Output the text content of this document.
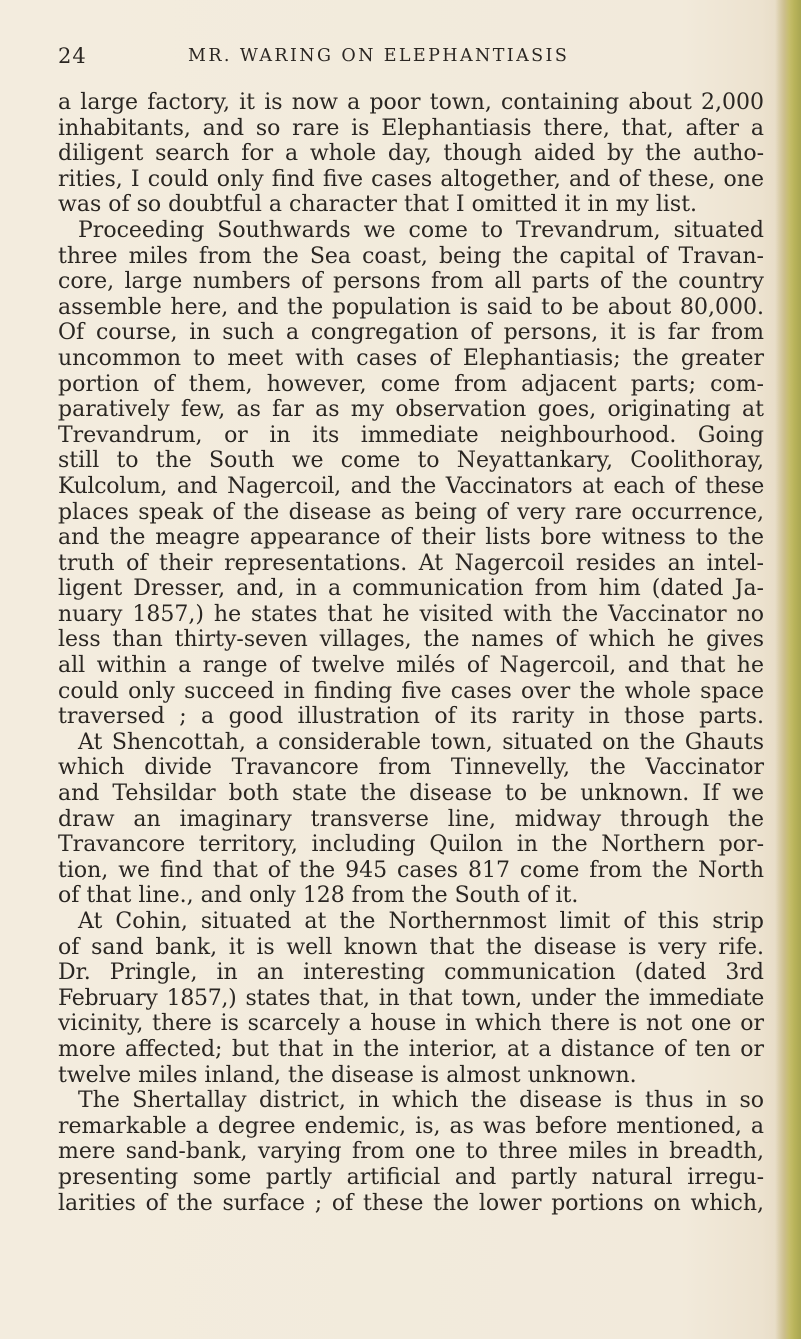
24	MR. WARING ON ELEPHANTIASIS
a large factory, it is now a poor town, containing about 2,000
inhabitants, and so rare is Elephantiasis there, that, after a
diligent search for a whole day, though aided by the autho-
rities, I could only find five cases altogether, and of these, one
was of so doubtful a character that I omitted it in my list.
Proceeding Southwards we come to Trevandrum, situated
three miles from the Sea coast, being the capital of Travan-
core, large numbers of persons from all parts of the country
assemble here, and the population is said to be about 80,000.
Of course, in such a congregation of persons, it is far from
uncommon to meet with cases of Elephantiasis; the greater
portion of them, however, come from adjacent parts; com-
paratively few, as far as my observation goes, originating at
Trevandrum, or in its immediate neighbourhood. Going
still to the South we come to Neyattankary, Coolithoray,
Kulcolum, and Nagercoil, and the Vaccinators at each of these
places speak of the disease as being of very rare occurrence,
and the meagre appearance of their lists bore witness to the
truth of their representations. At Nagercoil resides an intel-
ligent Dresser, and, in a communication from him (dated Ja-
nuary 1857,) he states that he visited with the Vaccinator no
less than thirty-seven villages, the names of which he gives
all within a range of twelve milés of Nagercoil, and that he
could only succeed in finding five cases over the whole space
traversed ; a good illustration of its rarity in those parts.
At Shencottah, a considerable town, situated on the Ghauts
which divide Travancore from Tinnevelly, the Vaccinator
and Tehsildar both state the disease to be unknown. If we
draw an imaginary transverse line, midway through the
Travancore territory, including Quilon in the Northern por-
tion, we find that of the 945 cases 817 come from the North
of that line., and only 128 from the South of it.
At Cohin, situated at the Northernmost limit of this strip
of sand bank, it is well known that the disease is very rife.
Dr. Pringle, in an interesting communication (dated 3rd
February 1857,) states that, in that town, under the immediate
vicinity, there is scarcely a house in which there is not one or
more affected; but that in the interior, at a distance of ten or
twelve miles inland, the disease is almost unknown.
The Shertallay district, in which the disease is thus in so
remarkable a degree endemic, is, as was before mentioned, a
mere sand-bank, varying from one to three miles in breadth,
presenting some partly artificial and partly natural irregu-
larities of the surface ; of these the lower portions on which,
